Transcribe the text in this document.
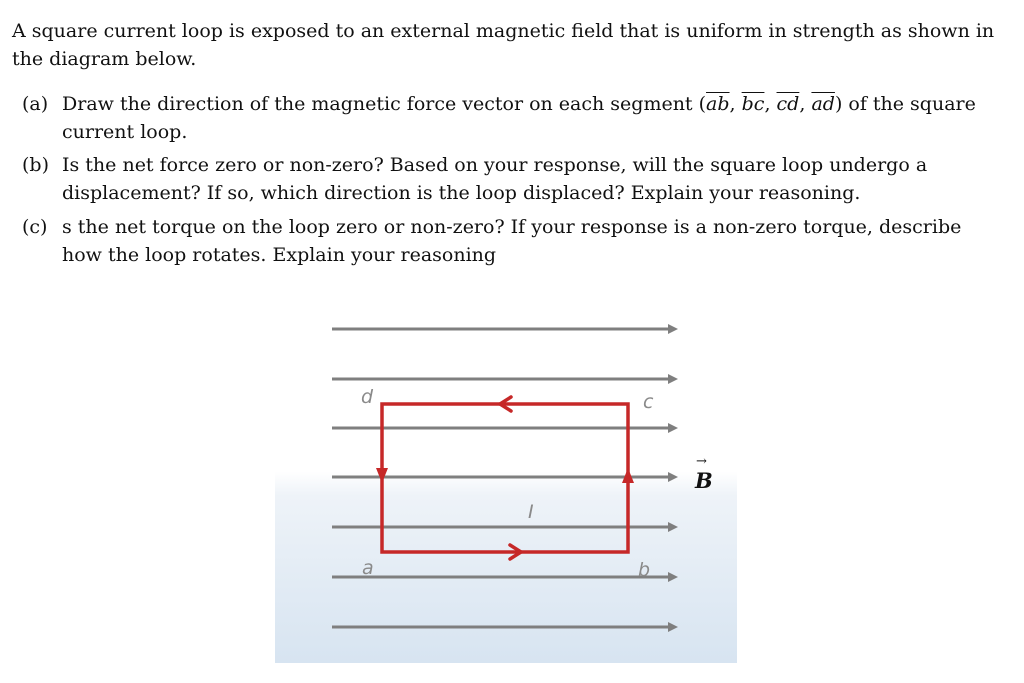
A square current loop is exposed to an external magnetic field that is uniform in strength as shown in the diagram below.

(a) Draw the direction of the magnetic force vector on each segment ($\overline{ab}$, $\overline{bc}$, $\overline{cd}$, $\overline{ad}$) of the square current loop.
(b) Is the net force zero or non-zero? Based on your response, will the square loop undergo a displacement? If so, which direction is the loop displaced? Explain your reasoning.
(c) s the net torque on the loop zero or non-zero? If your response is a non-zero torque, describe how the loop rotates. Explain your reasoning
d	c
a	b
I
→
B
